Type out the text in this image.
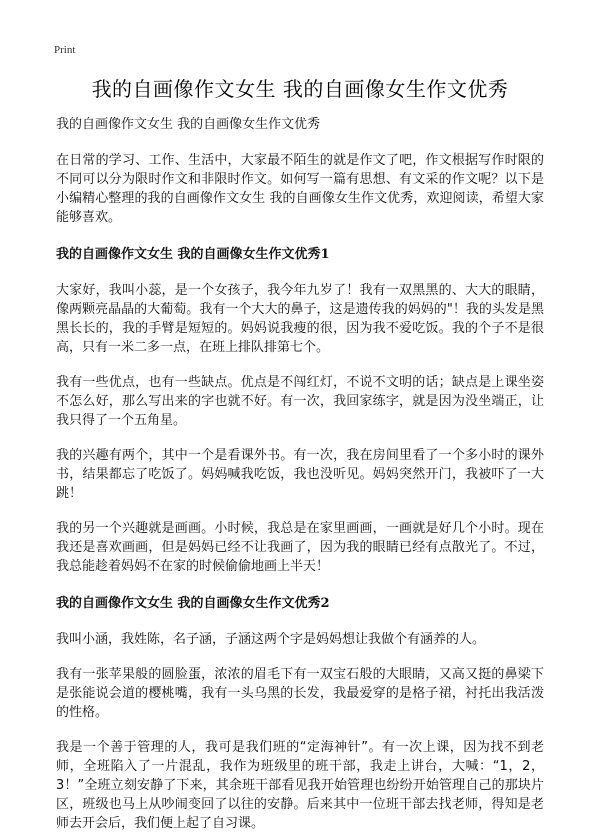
Print
我的自画像作文女生 我的自画像女生作文优秀
我的自画像作文女生 我的自画像女生作文优秀

在日常的学习、工作、生活中，大家最不陌生的就是作文了吧，作文根据写作时限的不同可以分为限时作文和非限时作文。如何写一篇有思想、有文采的作文呢？以下是小编精心整理的我的自画像作文女生 我的自画像女生作文优秀，欢迎阅读，希望大家能够喜欢。

我的自画像作文女生 我的自画像女生作文优秀1

大家好，我叫小蕊，是一个女孩子，我今年九岁了！我有一双黑黑的、大大的眼睛，像两颗亮晶晶的大葡萄。我有一个大大的鼻子，这是遗传我的妈妈的"！我的头发是黑黑长长的，我的手臂是短短的。妈妈说我瘦的很，因为我不爱吃饭。我的个子不是很高，只有一米二多一点，在班上排队排第七个。

我有一些优点，也有一些缺点。优点是不闯红灯，不说不文明的话；缺点是上课坐姿不怎么好，那么写出来的字也就不好。有一次，我回家练字，就是因为没坐端正，让我只得了一个五角星。

我的兴趣有两个，其中一个是看课外书。有一次，我在房间里看了一个多小时的课外书，结果都忘了吃饭了。妈妈喊我吃饭，我也没听见。妈妈突然开门，我被吓了一大跳！

我的另一个兴趣就是画画。小时候，我总是在家里画画，一画就是好几个小时。现在我还是喜欢画画，但是妈妈已经不让我画了，因为我的眼睛已经有点散光了。不过，我总能趁着妈妈不在家的时候偷偷地画上半天！

我的自画像作文女生 我的自画像女生作文优秀2

我叫小涵，我姓陈，名子涵，子涵这两个字是妈妈想让我做个有涵养的人。

我有一张苹果般的圆脸蛋，浓浓的眉毛下有一双宝石般的大眼睛，又高又挺的鼻梁下是张能说会道的樱桃嘴，我有一头乌黑的长发，我最爱穿的是格子裙，衬托出我活泼的性格。

我是一个善于管理的人，我可是我们班的“定海神针”。有一次上课，因为找不到老师，全班陷入了一片混乱，我作为班级里的班干部，我走上讲台，大喊：“1，2，3！”全班立刻安静了下来，其余班干部看见我开始管理也纷纷开始管理自己的那块片区，班级也马上从吵闹变回了以往的安静。后来其中一位班干部去找老师，得知是老师去开会后，我们便上起了自习课。
